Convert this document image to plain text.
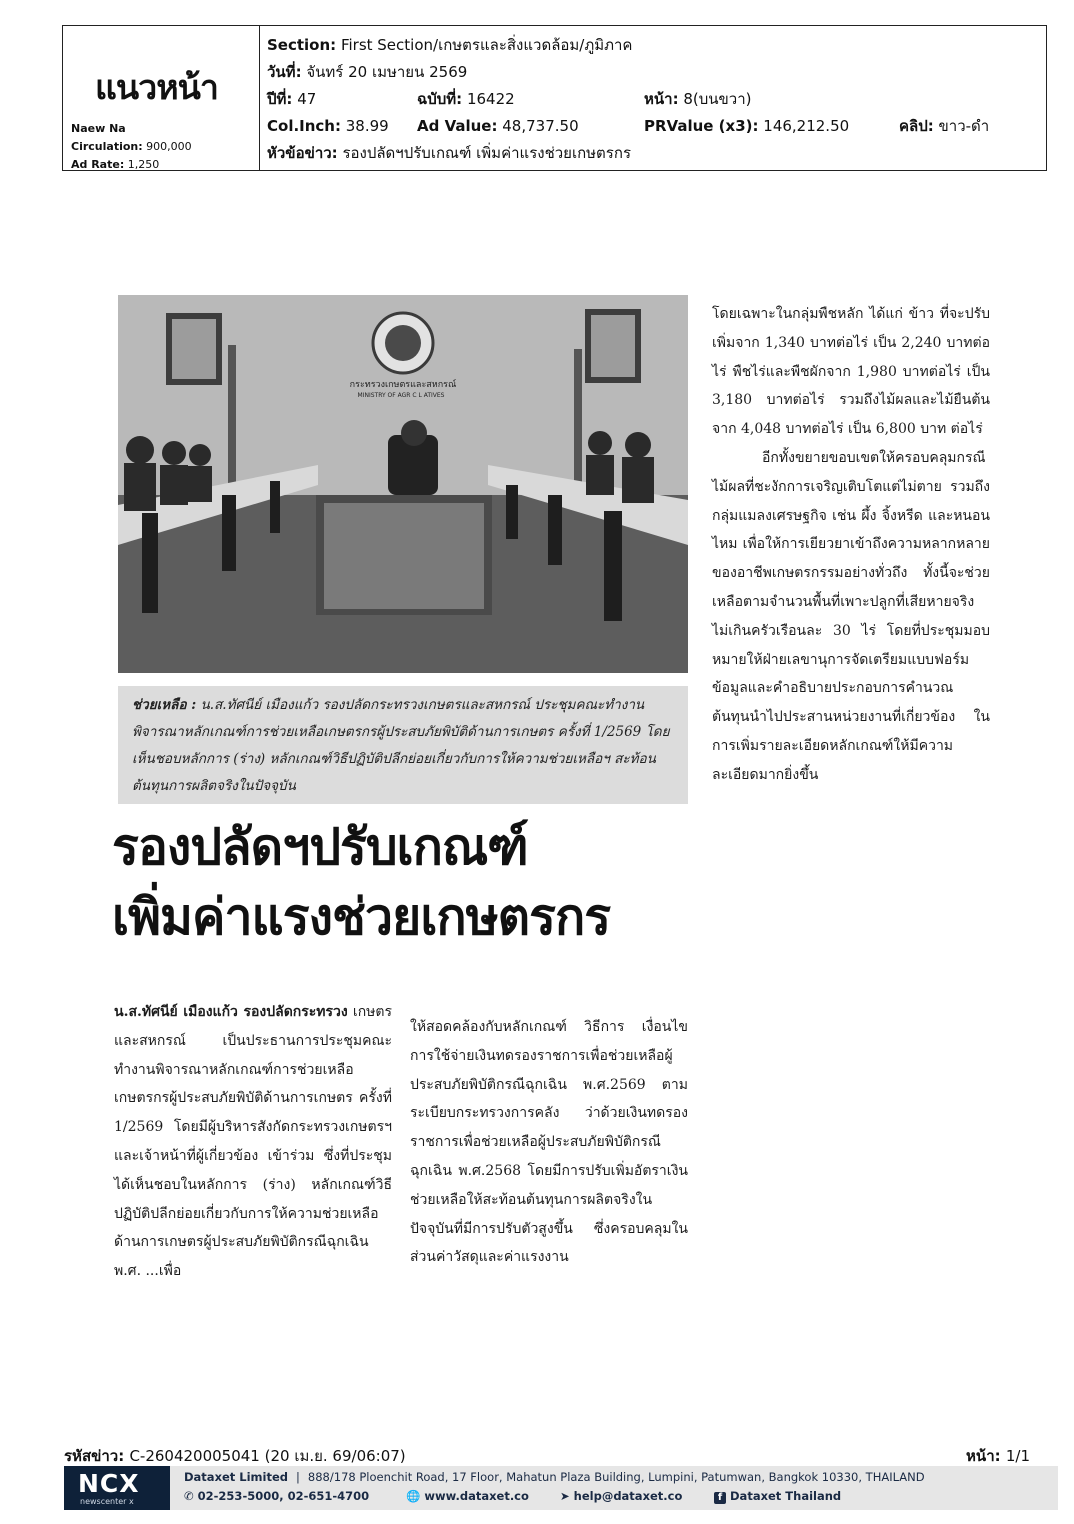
แนวหน้า
Naew Na
Circulation: 900,000
Ad Rate: 1,250
Section: First Section/เกษตรและสิ่งแวดล้อม/ภูมิภาค
วันที่: จันทร์ 20 เมษายน 2569
ปีที่: 47	ฉบับที่: 16422	หน้า: 8(บนขวา)
Col.Inch: 38.99 Ad Value: 48,737.50	PRValue (x3): 146,212.50	คลิป: ขาว-ดำ
หัวข้อข่าว: รองปลัดฯปรับเกณฑ์ เพิ่มค่าแรงช่วยเกษตรกร
กระทรวงเกษตรและสหกรณ์
MINISTRY OF AGR C L ATIVES
ช่วยเหลือ : น.ส.ทัศนีย์ เมืองแก้ว รองปลัดกระทรวงเกษตรและสหกรณ์ ประชุมคณะทำงานพิจารณาหลักเกณฑ์การช่วยเหลือเกษตรกรผู้ประสบภัยพิบัติด้านการเกษตร ครั้งที่ 1/2569 โดยเห็นชอบหลักการ (ร่าง) หลักเกณฑ์วิธีปฏิบัติปลีกย่อยเกี่ยวกับการให้ความช่วยเหลือฯ สะท้อนต้นทุนการผลิตจริงในปัจจุบัน
รองปลัดฯปรับเกณฑ์
เพิ่มค่าแรงช่วยเกษตรกร

น.ส.ทัศนีย์ เมืองแก้ว รองปลัดกระทรวง เกษตรและสหกรณ์ เป็นประธานการประชุมคณะทำงานพิจารณาหลักเกณฑ์การช่วยเหลือเกษตรกรผู้ประสบภัยพิบัติด้านการเกษตร ครั้งที่ 1/2569 โดยมีผู้บริหารสังกัดกระทรวงเกษตรฯ และเจ้าหน้าที่ผู้เกี่ยวข้อง เข้าร่วม ซึ่งที่ประชุมได้เห็นชอบในหลักการ (ร่าง) หลักเกณฑ์วิธีปฏิบัติปลีกย่อยเกี่ยวกับการให้ความช่วยเหลือด้านการเกษตรผู้ประสบภัยพิบัติกรณีฉุกเฉิน พ.ศ. ...เพื่อ

ให้สอดคล้องกับหลักเกณฑ์ วิธีการ เงื่อนไข การใช้จ่ายเงินทดรองราชการเพื่อช่วยเหลือผู้ประสบภัยพิบัติกรณีฉุกเฉิน พ.ศ.2569 ตามระเบียบกระทรวงการคลัง ว่าด้วยเงินทดรองราชการเพื่อช่วยเหลือผู้ประสบภัยพิบัติกรณีฉุกเฉิน พ.ศ.2568 โดยมีการปรับเพิ่มอัตราเงินช่วยเหลือให้สะท้อนต้นทุนการผลิตจริงในปัจจุบันที่มีการปรับตัวสูงขึ้น ซึ่งครอบคลุมในส่วนค่าวัสดุและค่าแรงงาน

โดยเฉพาะในกลุ่มพืชหลัก ได้แก่ ข้าว ที่จะปรับเพิ่มจาก 1,340 บาทต่อไร่ เป็น 2,240 บาทต่อไร่ พืชไร่และพืชผักจาก 1,980 บาทต่อไร่ เป็น 3,180 บาทต่อไร่ รวมถึงไม้ผลและไม้ยืนต้น จาก 4,048 บาทต่อไร่ เป็น 6,800 บาท ต่อไร่

อีกทั้งขยายขอบเขตให้ครอบคลุมกรณีไม้ผลที่ชะงักการเจริญเติบโตแต่ไม่ตาย รวมถึงกลุ่มแมลงเศรษฐกิจ เช่น ผึ้ง จิ้งหรีด และหนอนไหม เพื่อให้การเยียวยาเข้าถึงความหลากหลายของอาชีพเกษตรกรรมอย่างทั่วถึง ทั้งนี้จะช่วยเหลือตามจำนวนพื้นที่เพาะปลูกที่เสียหายจริง ไม่เกินครัวเรือนละ 30 ไร่ โดยที่ประชุมมอบหมายให้ฝ่ายเลขานุการจัดเตรียมแบบฟอร์มข้อมูลและคำอธิบายประกอบการคำนวณต้นทุนนำไปประสานหน่วยงานที่เกี่ยวข้อง ในการเพิ่มรายละเอียดหลักเกณฑ์ให้มีความละเอียดมากยิ่งขึ้น

รหัสข่าว: C-260420005041 (20 เม.ย. 69/06:07)	หน้า: 1/1
NCX
newscenter x
Dataxet Limited | 888/178 Ploenchit Road, 17 Floor, Mahatun Plaza Building, Lumpini, Patumwan, Bangkok 10330, THAILAND
✆ 02-253-5000, 02-651-4700	🌐 www.dataxet.co	➤ help@dataxet.co	f Dataxet Thailand
